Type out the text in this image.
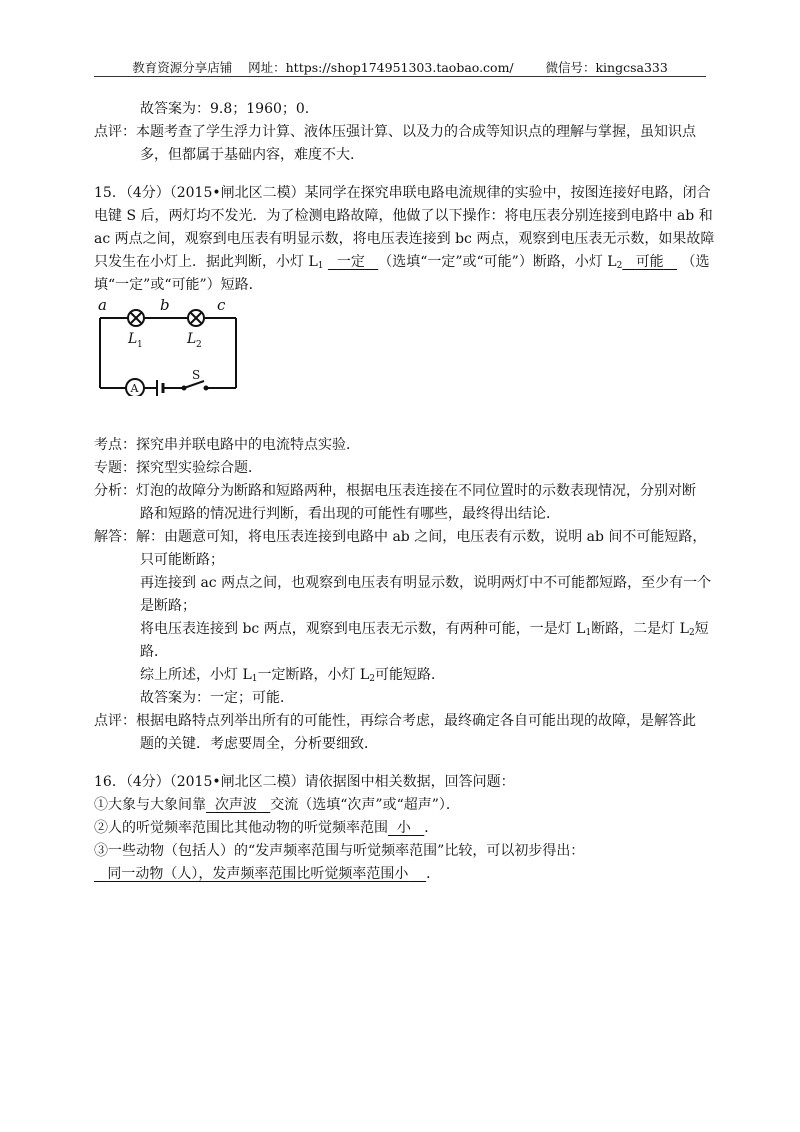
教育资源分享店铺 网址：https://shop174951303.taobao.com/	微信号：kingcsa333
故答案为：9.8；1960；0.
点评：本题考查了学生浮力计算、液体压强计算、以及力的合成等知识点的理解与掌握，虽知识点
多，但都属于基础内容，难度不大.
15．（4分）（2015•闸北区二模）某同学在探究串联电路电流规律的实验中，按图连接好电路，闭合
电键 S 后，两灯均不发光．为了检测电路故障，他做了以下操作：将电压表分别连接到电路中 ab 和
ac 两点之间，观察到电压表有明显示数，将电压表连接到 bc 两点，观察到电压表无示数，如果故障
只发生在小灯上．据此判断，小灯 $L_1$ 一定 （选填“一定”或“可能”）断路，小灯 $L_2$ 可能 （选
填“一定”或“可能”）短路．
a	b	c
L 1	L 2
S
A
考点：探究串并联电路中的电流特点实验．
专题：探究型实验综合题．
分析：灯泡的故障分为断路和短路两种，根据电压表连接在不同位置时的示数表现情况，分别对断
路和短路的情况进行判断，看出现的可能性有哪些，最终得出结论．
解答：解：由题意可知，将电压表连接到电路中 ab 之间，电压表有示数，说明 ab 间不可能短路，
只可能断路；
再连接到 ac 两点之间，也观察到电压表有明显示数，说明两灯中不可能都短路，至少有一个
是断路；
将电压表连接到 bc 两点，观察到电压表无示数，有两种可能，一是灯 $L_1$断路，二是灯 $L_2$短
路．
综上所述，小灯 $L_1$一定断路，小灯 $L_2$可能短路．
故答案为：一定；可能．
点评：根据电路特点列举出所有的可能性，再综合考虑，最终确定各自可能出现的故障，是解答此
题的关键．考虑要周全，分析要细致．
16．（4分）（2015•闸北区二模）请依据图中相关数据，回答问题：
①大象与大象间靠 次声波 交流（选填“次声”或“超声”）．
②人的听觉频率范围比其他动物的听觉频率范围 小 ．
③一些动物（包括人）的“发声频率范围与听觉频率范围”比较，可以初步得出：
同一动物（人），发声频率范围比听觉频率范围小 ．
